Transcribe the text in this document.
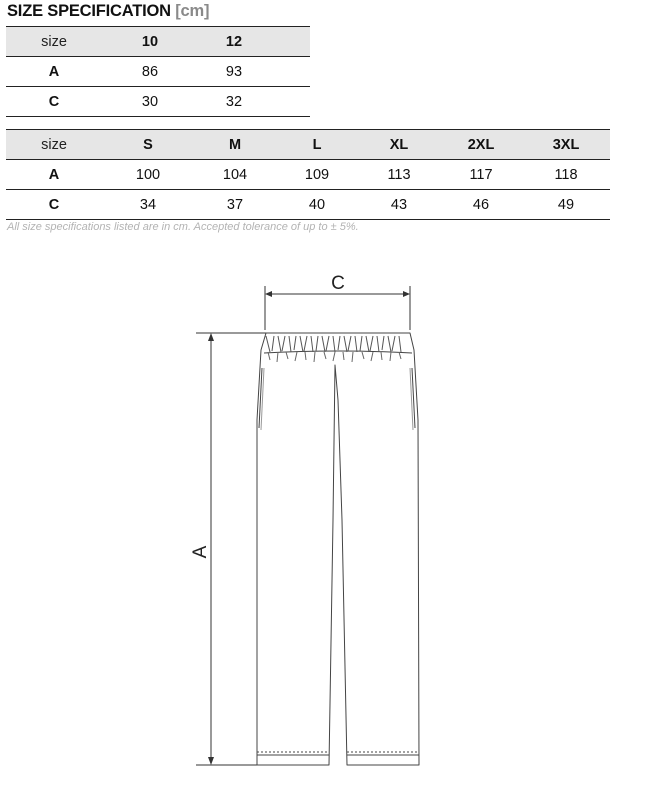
SIZE SPECIFICATION [cm]
size	10	12	
A	86	93	
C	30	32	
size	S	M	L	XL	2XL	3XL
A	100	104	109	113	117	118
C	34	37	40	43	46	49
All size specifications listed are in cm. Accepted tolerance of up to ± 5%.
C
A
